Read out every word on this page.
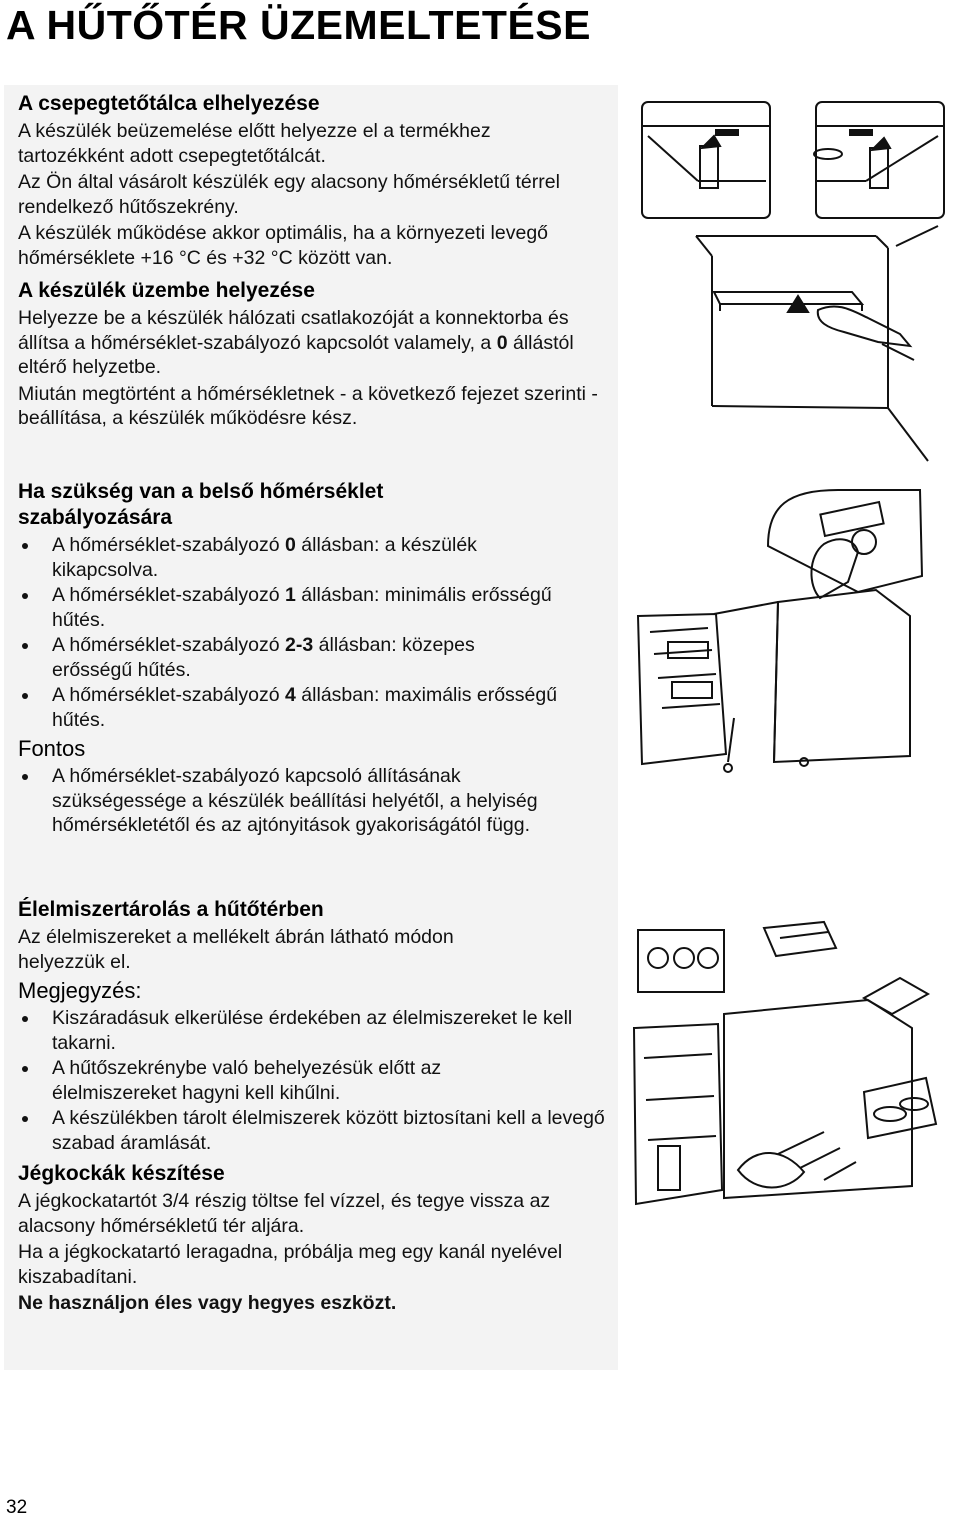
A HŰTŐTÉR ÜZEMELTETÉSE
A csepegtetőtálca elhelyezése

A készülék beüzemelése előtt helyezze el a termékhez tartozékként adott csepegtetőtálcát.

Az Ön által vásárolt készülék egy alacsony hőmérsékletű térrel rendelkező hűtőszekrény.

A készülék működése akkor optimális, ha a környezeti levegő hőmérséklete +16 °C és +32 °C között van.

A készülék üzembe helyezése

Helyezze be a készülék hálózati csatlakozóját a konnektorba és állítsa a hőmérséklet-szabályozó kapcsolót valamely, a 0 állástól eltérő helyzetbe.

Miután megtörtént a hőmérsékletnek - a következő fejezet szerinti - beállítása, a készülék működésre kész.

Ha szükség van a belső hőmérséklet szabályozására
A hőmérséklet-szabályozó 0 állásban: a készülék kikapcsolva.
A hőmérséklet-szabályozó 1 állásban: minimális erősségű hűtés.
A hőmérséklet-szabályozó 2-3 állásban: közepes erősségű hűtés.
A hőmérséklet-szabályozó 4 állásban: maximális erősségű hűtés.
Fontos
A hőmérséklet-szabályozó kapcsoló állításának szükségessége a készülék beállítási helyétől, a helyiség hőmérsékletétől és az ajtónyitások gyakoriságától függ.
Élelmiszertárolás a hűtőtérben

Az élelmiszereket a mellékelt ábrán látható módon helyezzük el.

Megjegyzés:
Kiszáradásuk elkerülése érdekében az élelmiszereket le kell takarni.
A hűtőszekrénybe való behelyezésük előtt az élelmiszereket hagyni kell kihűlni.
A készülékben tárolt élelmiszerek között biztosítani kell a levegő szabad áramlását.
Jégkockák készítése

A jégkockatartót 3/4 részig töltse fel vízzel, és tegye vissza az alacsony hőmérsékletű tér aljára.

Ha a jégkockatartó leragadna, próbálja meg egy kanál nyelével kiszabadítani.

Ne használjon éles vagy hegyes eszközt.

32
